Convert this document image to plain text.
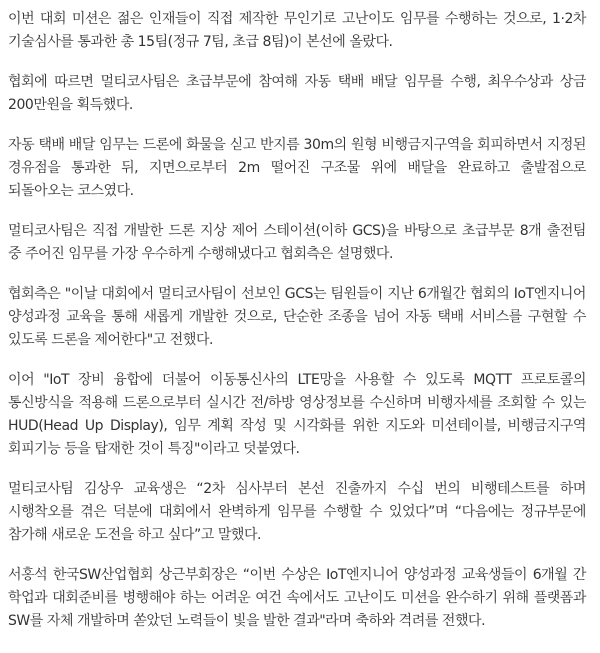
이번 대회 미션은 젊은 인재들이 직접 제작한 무인기로 고난이도 임무를 수행하는 것으로, 1·2차 기술심사를 통과한 총 15팀(정규 7팀, 초급 8팀)이 본선에 올랐다.

협회에 따르면 멀티코사팀은 초급부문에 참여해 자동 택배 배달 임무를 수행, 최우수상과 상금 200만원을 획득했다.

자동 택배 배달 임무는 드론에 화물을 싣고 반지름 30m의 원형 비행금지구역을 회피하면서 지정된 경유점을 통과한 뒤, 지면으로부터 2m 떨어진 구조물 위에 배달을 완료하고 출발점으로 되돌아오는 코스였다.

멀티코사팀은 직접 개발한 드론 지상 제어 스테이션(이하 GCS)을 바탕으로 초급부문 8개 출전팀 중 주어진 임무를 가장 우수하게 수행해냈다고 협회측은 설명했다.

협회측은 "이날 대회에서 멀티코사팀이 선보인 GCS는 팀원들이 지난 6개월간 협회의 IoT엔지니어 양성과정 교육을 통해 새롭게 개발한 것으로, 단순한 조종을 넘어 자동 택배 서비스를 구현할 수 있도록 드론을 제어한다"고 전했다.

이어 "IoT 장비 융합에 더불어 이동통신사의 LTE망을 사용할 수 있도록 MQTT 프로토콜의 통신방식을 적용해 드론으로부터 실시간 전/하방 영상정보를 수신하며 비행자세를 조회할 수 있는 HUD(Head Up Display), 임무 계획 작성 및 시각화를 위한 지도와 미션테이블, 비행금지구역 회피기능 등을 탑재한 것이 특징"이라고 덧붙였다.

멀티코사팀 김상우 교육생은 “2차 심사부터 본선 진출까지 수십 번의 비행테스트를 하며 시행착오를 겪은 덕분에 대회에서 완벽하게 임무를 수행할 수 있었다”며 “다음에는 정규부문에 참가해 새로운 도전을 하고 싶다”고 말했다.

서홍석 한국SW산업협회 상근부회장은 “이번 수상은 IoT엔지니어 양성과정 교육생들이 6개월 간 학업과 대회준비를 병행해야 하는 어려운 여건 속에서도 고난이도 미션을 완수하기 위해 플랫폼과 SW를 자체 개발하며 쏟았던 노력들이 빛을 발한 결과"라며 축하와 격려를 전했다.
